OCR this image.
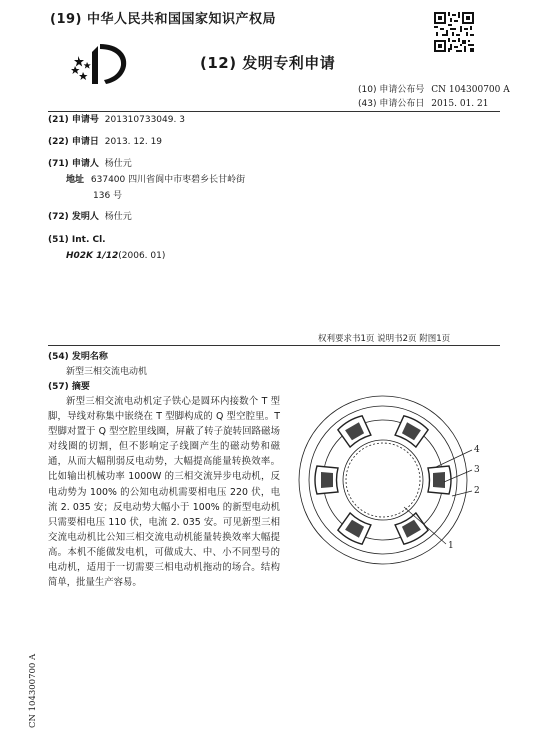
(19) 中华人民共和国国家知识产权局
(12) 发明专利申请
(10) 申请公布号 CN 104300700 A
(43) 申请公布日 2015. 01. 21
(21) 申请号 201310733049. 3
(22) 申请日 2013. 12. 19
(71) 申请人 杨仕元
地址 637400 四川省阆中市枣碧乡长甘岭街
136 号
(72) 发明人 杨仕元
(51) Int. Cl.
H02K 1/12(2006. 01)
权利要求书1页 说明书2页 附图1页
(54) 发明名称
新型三相交流电动机
(57) 摘要

新型三相交流电动机定子铁心是圆环内接数个 T 型脚，导线对称集中嵌绕在 T 型脚构成的 Q 型空腔里。T 型脚对置于 Q 型空腔里线圈，屏蔽了转子旋转回路磁场对线圈的切割，但不影响定子线圈产生的磁动势和磁通，从而大幅削弱反电动势，大幅提高能量转换效率。比如输出机械功率 1000W 的三相交流异步电动机，反电动势为 100% 的公知电动机需要相电压 220 伏，电流 2. 035 安；反电动势大幅小于 100% 的新型电动机只需要相电压 110 伏，电流 2. 035 安。可见新型三相交流电动机比公知三相交流电动机能量转换效率大幅提高。本机不能做发电机，可做成大、中、小不同型号的电动机，适用于一切需要三相电动机拖动的场合。结构简单，批量生产容易。

4
3
2
1
CN 104300700 A
